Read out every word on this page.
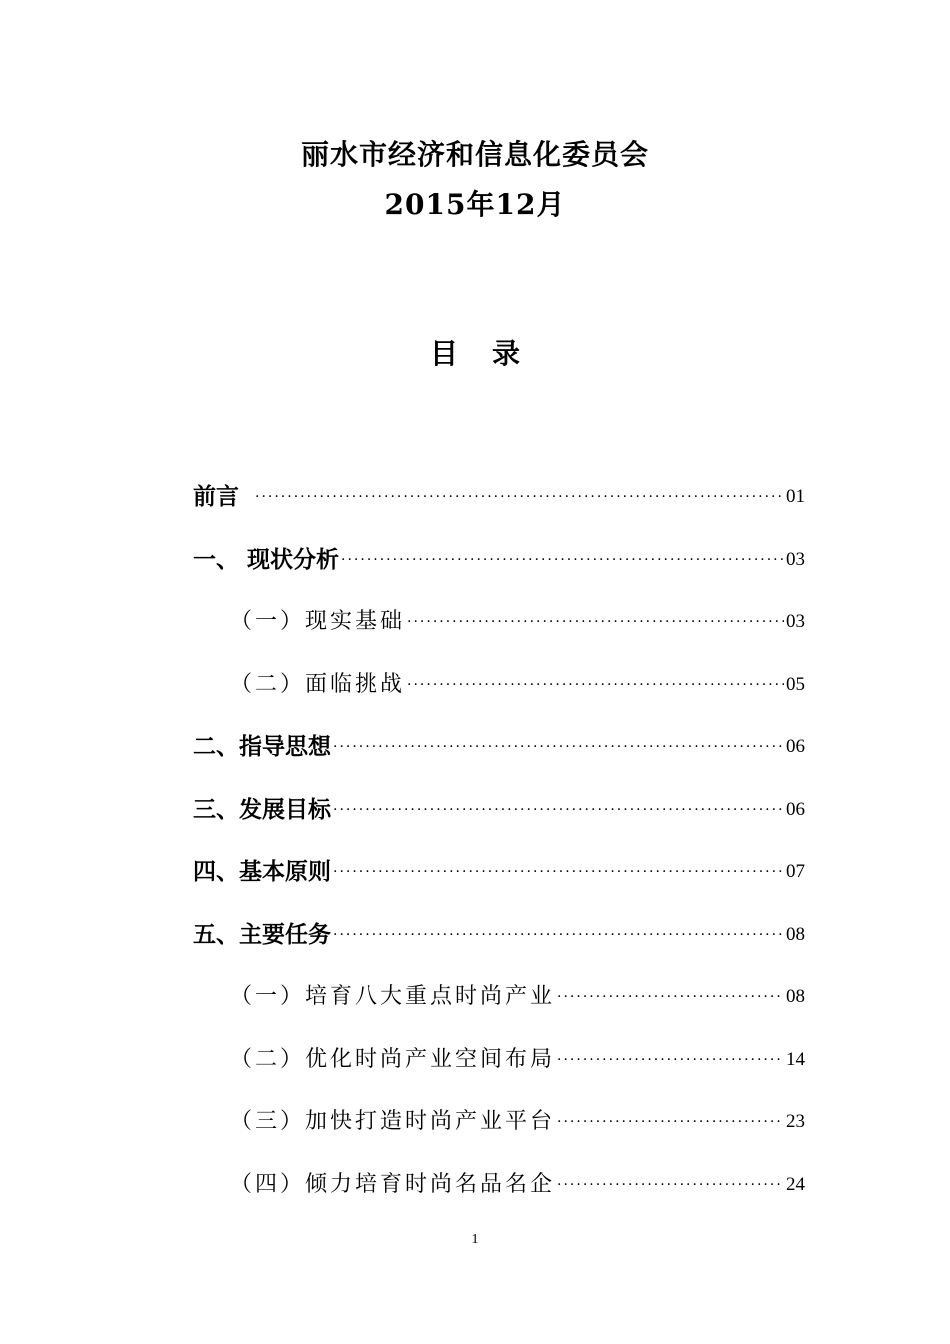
丽水市经济和信息化委员会
2015年12月
目录
前言 ·····	01
一、 现状分析 ·····	03
（一）现实基础 ·····	03
（二）面临挑战 ·····	05
二、指导思想 ·····	06
三、发展目标 ·····	06
四、基本原则 ·····	07
五、主要任务 ·····	08
（一）培育八大重点时尚产业 ·····	08
（二）优化时尚产业空间布局 ·····	14
（三）加快打造时尚产业平台 ·····	23
（四）倾力培育时尚名品名企 ·····	24
1
